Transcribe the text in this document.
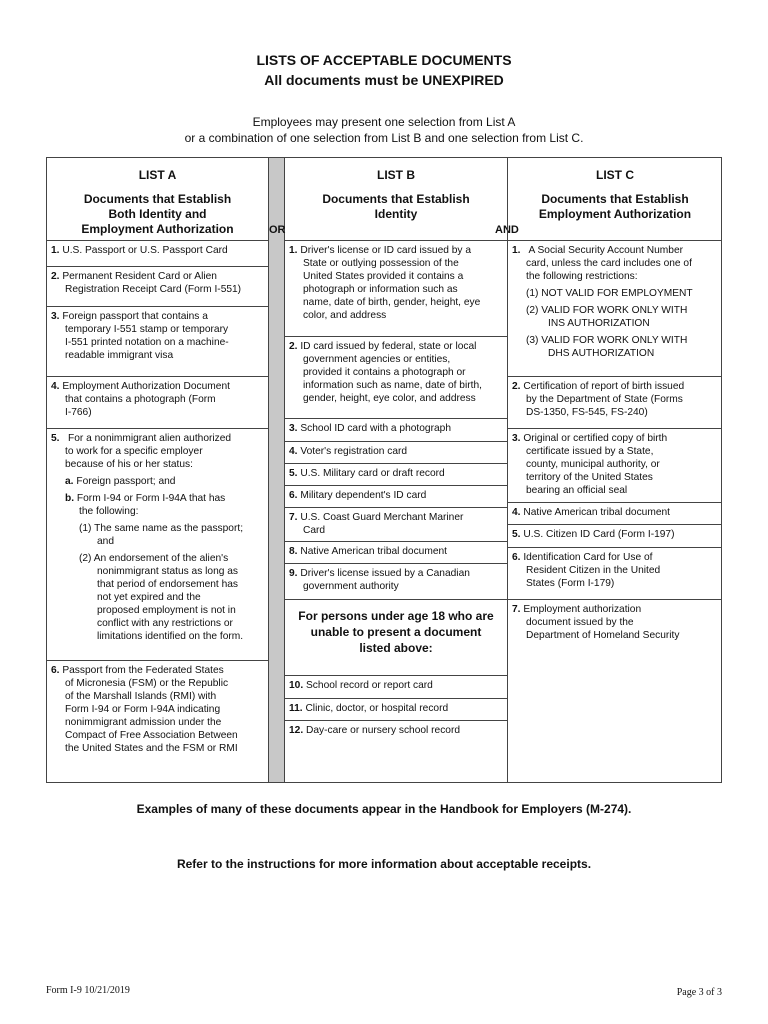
LISTS OF ACCEPTABLE DOCUMENTS
All documents must be UNEXPIRED
Employees may present one selection from List A
or a combination of one selection from List B and one selection from List C.
LIST A
Documents that Establish
Both Identity and
Employment Authorization
1. U.S. Passport or U.S. Passport Card
2. Permanent Resident Card or Alien
Registration Receipt Card (Form I-551)
3. Foreign passport that contains a
temporary I-551 stamp or temporary
I-551 printed notation on a machine-
readable immigrant visa
4. Employment Authorization Document
that contains a photograph (Form
I-766)
5. For a nonimmigrant alien authorized
to work for a specific employer
because of his or her status:
a. Foreign passport; and
b. Form I-94 or Form I-94A that has
the following:
(1) The same name as the passport;
and
(2) An endorsement of the alien's
nonimmigrant status as long as
that period of endorsement has
not yet expired and the
proposed employment is not in
conflict with any restrictions or
limitations identified on the form.
6. Passport from the Federated States
of Micronesia (FSM) or the Republic
of the Marshall Islands (RMI) with
Form I-94 or Form I-94A indicating
nonimmigrant admission under the
Compact of Free Association Between
the United States and the FSM or RMI
OR
LIST B
Documents that Establish
Identity
1. Driver's license or ID card issued by a
State or outlying possession of the
United States provided it contains a
photograph or information such as
name, date of birth, gender, height, eye
color, and address
2. ID card issued by federal, state or local
government agencies or entities,
provided it contains a photograph or
information such as name, date of birth,
gender, height, eye color, and address
3. School ID card with a photograph
4. Voter's registration card
5. U.S. Military card or draft record
6. Military dependent's ID card
7. U.S. Coast Guard Merchant Mariner
Card
8. Native American tribal document
9. Driver's license issued by a Canadian
government authority
For persons under age 18 who are
unable to present a document
listed above:
10. School record or report card
11. Clinic, doctor, or hospital record
12. Day-care or nursery school record
AND
LIST C
Documents that Establish
Employment Authorization
1. A Social Security Account Number
card, unless the card includes one of
the following restrictions:
(1) NOT VALID FOR EMPLOYMENT
(2) VALID FOR WORK ONLY WITH
INS AUTHORIZATION
(3) VALID FOR WORK ONLY WITH
DHS AUTHORIZATION
2. Certification of report of birth issued
by the Department of State (Forms
DS-1350, FS-545, FS-240)
3. Original or certified copy of birth
certificate issued by a State,
county, municipal authority, or
territory of the United States
bearing an official seal
4. Native American tribal document
5. U.S. Citizen ID Card (Form I-197)
6. Identification Card for Use of
Resident Citizen in the United
States (Form I-179)
7. Employment authorization
document issued by the
Department of Homeland Security
Examples of many of these documents appear in the Handbook for Employers (M-274).
Refer to the instructions for more information about acceptable receipts.
Form I-9 10/21/2019	Page 3 of 3
